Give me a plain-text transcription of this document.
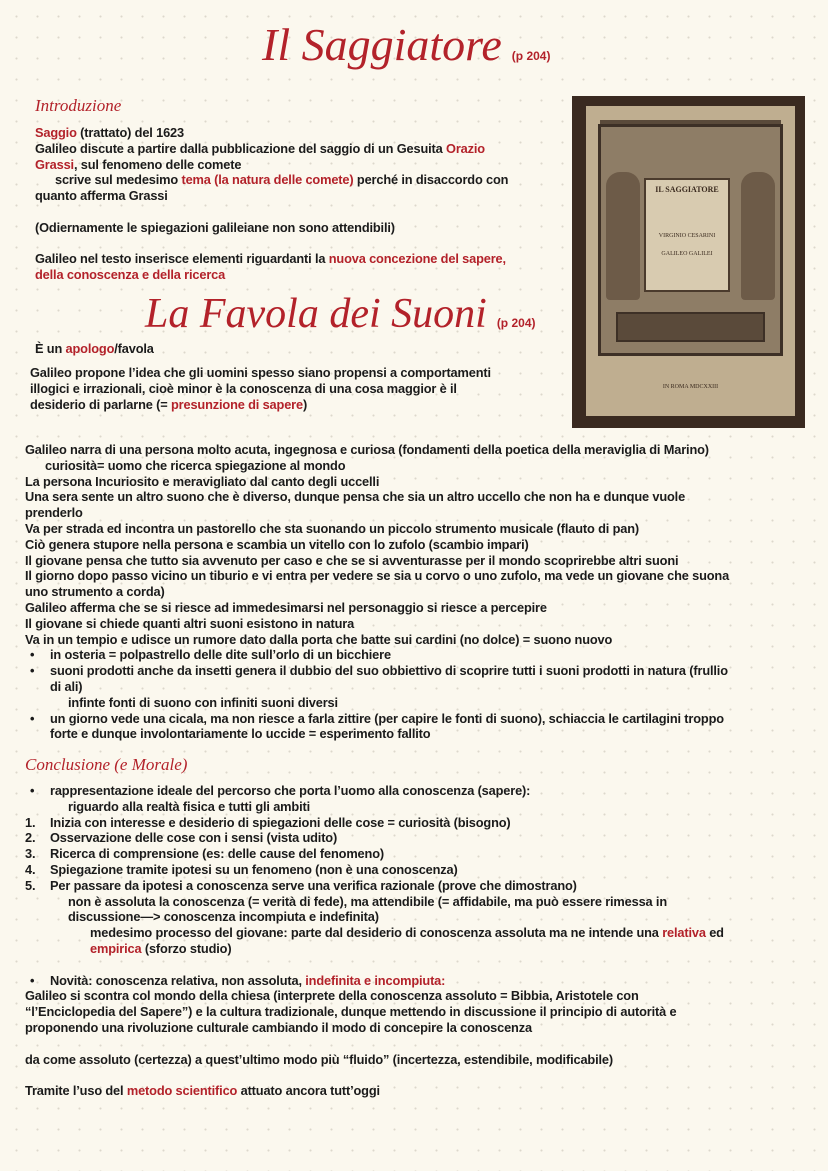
Il Saggiatore (p 204)
Introduzione
Saggio (trattato) del 1623
Galileo discute a partire dalla pubblicazione del saggio di un Gesuita Orazio
Grassi, sul fenomeno delle comete
scrive sul medesimo tema (la natura delle comete) perché in disaccordo con
quanto afferma Grassi
(Odiernamente le spiegazioni galileiane non sono attendibili)
Galileo nel testo inserisce elementi riguardanti la nuova concezione del sapere,
della conoscenza e della ricerca
La Favola dei Suoni (p 204)
È un apologo/favola
Galileo propone l’idea che gli uomini spesso siano propensi a comportamenti
illogici e irrazionali, cioè minor è la conoscenza di una cosa maggior è il
desiderio di parlarne (= presunzione di sapere)
IL SAGGIATORE
VIRGINIO CESARINI
GALILEO GALILEI
IN ROMA MDCXXIII
Galileo narra di una persona molto acuta, ingegnosa e curiosa (fondamenti della poetica della meraviglia di Marino)
curiosità= uomo che ricerca spiegazione al mondo
La persona Incuriosito e meravigliato dal canto degli uccelli
Una sera sente un altro suono che è diverso, dunque pensa che sia un altro uccello che non ha e dunque vuole
prenderlo
Va per strada ed incontra un pastorello che sta suonando un piccolo strumento musicale (flauto di pan)
Ciò genera stupore nella persona e scambia un vitello con lo zufolo (scambio impari)
Il giovane pensa che tutto sia avvenuto per caso e che se si avventurasse per il mondo scoprirebbe altri suoni
Il giorno dopo passo vicino un tiburio e vi entra per vedere se sia u corvo o uno zufolo, ma vede un giovane che suona
uno strumento a corda)
Galileo afferma che se si riesce ad immedesimarsi nel personaggio si riesce a percepire
Il giovane si chiede quanti altri suoni esistono in natura
Va in un tempio e udisce un rumore dato dalla porta che batte sui cardini (no dolce) = suono nuovo
• in osteria = polpastrello delle dite sull’orlo di un bicchiere
• suoni prodotti anche da insetti genera il dubbio del suo obbiettivo di scoprire tutti i suoni prodotti in natura (frullio
di ali)
infinte fonti di suono con infiniti suoni diversi
• un giorno vede una cicala, ma non riesce a farla zittire (per capire le fonti di suono), schiaccia le cartilagini troppo
forte e dunque involontariamente lo uccide = esperimento fallito
Conclusione (e Morale)
• rappresentazione ideale del percorso che porta l’uomo alla conoscenza (sapere):
riguardo alla realtà fisica e tutti gli ambiti
1. Inizia con interesse e desiderio di spiegazioni delle cose = curiosità (bisogno)
2. Osservazione delle cose con i sensi (vista udito)
3. Ricerca di comprensione (es: delle cause del fenomeno)
4. Spiegazione tramite ipotesi su un fenomeno (non è una conoscenza)
5. Per passare da ipotesi a conoscenza serve una verifica razionale (prove che dimostrano)
non è assoluta la conoscenza (= verità di fede), ma attendibile (= affidabile, ma può essere rimessa in
discussione—> conoscenza incompiuta e indefinita)
medesimo processo del giovane: parte dal desiderio di conoscenza assoluta ma ne intende una relativa ed
empirica (sforzo studio)
• Novità: conoscenza relativa, non assoluta, indefinita e incompiuta:
Galileo si scontra col mondo della chiesa (interprete della conoscenza assoluto = Bibbia, Aristotele con
“l’Enciclopedia del Sapere”) e la cultura tradizionale, dunque mettendo in discussione il principio di autorità e
proponendo una rivoluzione culturale cambiando il modo di concepire la conoscenza
da come assoluto (certezza) a quest’ultimo modo più “fluido” (incertezza, estendibile, modificabile)
Tramite l’uso del metodo scientifico attuato ancora tutt’oggi
